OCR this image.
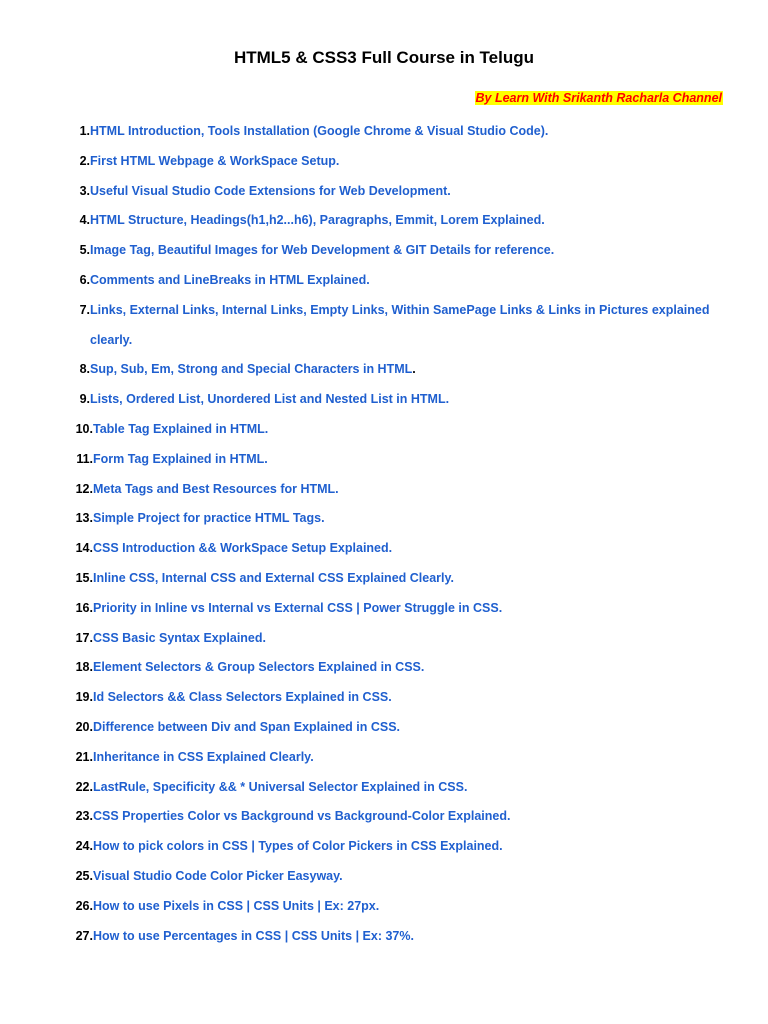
HTML5 & CSS3 Full Course in Telugu
By Learn With Srikanth Racharla Channel
1. HTML Introduction, Tools Installation (Google Chrome & Visual Studio Code).
2. First HTML Webpage & WorkSpace Setup.
3. Useful Visual Studio Code Extensions for Web Development.
4. HTML Structure, Headings(h1,h2...h6), Paragraphs, Emmit, Lorem Explained.
5. Image Tag, Beautiful Images for Web Development & GIT Details for reference.
6. Comments and LineBreaks in HTML Explained.
7. Links, External Links, Internal Links, Empty Links, Within SamePage Links & Links in Pictures explained clearly.
8. Sup, Sub, Em, Strong and Special Characters in HTML.
9. Lists, Ordered List, Unordered List and Nested List in HTML.
10. Table Tag Explained in HTML.
11. Form Tag Explained in HTML.
12. Meta Tags and Best Resources for HTML.
13. Simple Project for practice HTML Tags.
14. CSS Introduction && WorkSpace Setup Explained.
15. Inline CSS, Internal CSS and External CSS Explained Clearly.
16. Priority in Inline vs Internal vs External CSS | Power Struggle in CSS.
17. CSS Basic Syntax Explained.
18. Element Selectors & Group Selectors Explained in CSS.
19. Id Selectors && Class Selectors Explained in CSS.
20. Difference between Div and Span Explained in CSS.
21. Inheritance in CSS Explained Clearly.
22. LastRule, Specificity && * Universal Selector Explained in CSS.
23. CSS Properties Color vs Background vs Background-Color Explained.
24. How to pick colors in CSS | Types of Color Pickers in CSS Explained.
25. Visual Studio Code Color Picker Easyway.
26. How to use Pixels in CSS | CSS Units | Ex: 27px.
27. How to use Percentages in CSS | CSS Units | Ex: 37%.
